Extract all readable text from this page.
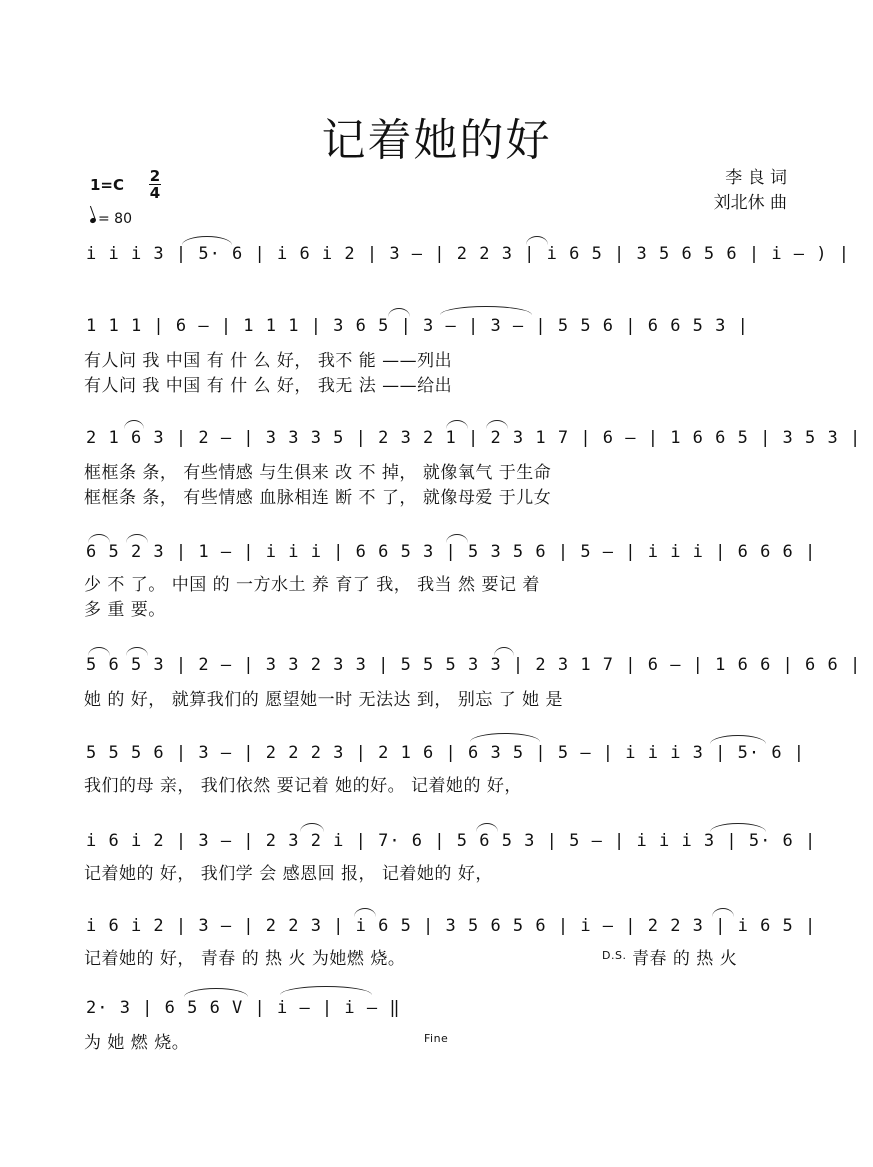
记着她的好
1=C 2
4
= 80
李 良 词
刘北休 曲
i i i 3 | 5· 6 | i 6 i 2 | 3 – | 2 2 3 | i 6 5 | 3 5 6 5 6 | i – ) |
1 1 1 | 6 – | 1 1 1 | 3 6 5 | 3 – | 3 – | 5 5 6 | 6 6 5 3 |
有人问 我 中国 有 什 么 好， 我不 能 ——列出
有人问 我 中国 有 什 么 好， 我无 法 ——给出
2 1 6 3 | 2 – | 3 3 3 5 | 2 3 2 1 | 2 3 1 7 | 6 – | 1 6 6 5 | 3 5 3 |
框框条 条， 有些情感 与生俱来 改 不 掉， 就像氧气 于生命
框框条 条， 有些情感 血脉相连 断 不 了， 就像母爱 于儿女
6 5 2 3 | 1 – | i i i | 6 6 5 3 | 5 3 5 6 | 5 – | i i i | 6 6 6 |
少 不 了。 中国 的 一方水土 养 育了 我， 我当 然 要记 着
多 重 要。
5 6 5 3 | 2 – | 3 3 2 3 3 | 5 5 5 3 3 | 2 3 1 7 | 6 – | 1 6 6 | 6 6 |
她 的 好， 就算我们的 愿望她一时 无法达 到， 别忘 了 她 是
5 5 5 6 | 3 – | 2 2 2 3 | 2 1 6 | 6 3 5 | 5 – | i i i 3 | 5· 6 |
我们的母 亲， 我们依然 要记着 她的好。 记着她的 好，
i 6 i 2 | 3 – | 2 3 2 i | 7· 6 | 5 6 5 3 | 5 – | i i i 3 | 5· 6 |
记着她的 好， 我们学 会 感恩回 报， 记着她的 好，
i 6 i 2 | 3 – | 2 2 3 | i 6 5 | 3 5 6 5 6 | i – | 2 2 3 | i 6 5 |
记着她的 好， 青春 的 热 火 为她燃 烧。	D.S. 青春 的 热 火
2· 3 | 6 5 6 V | i – | i – ‖
为 她 燃 烧。	Fine
